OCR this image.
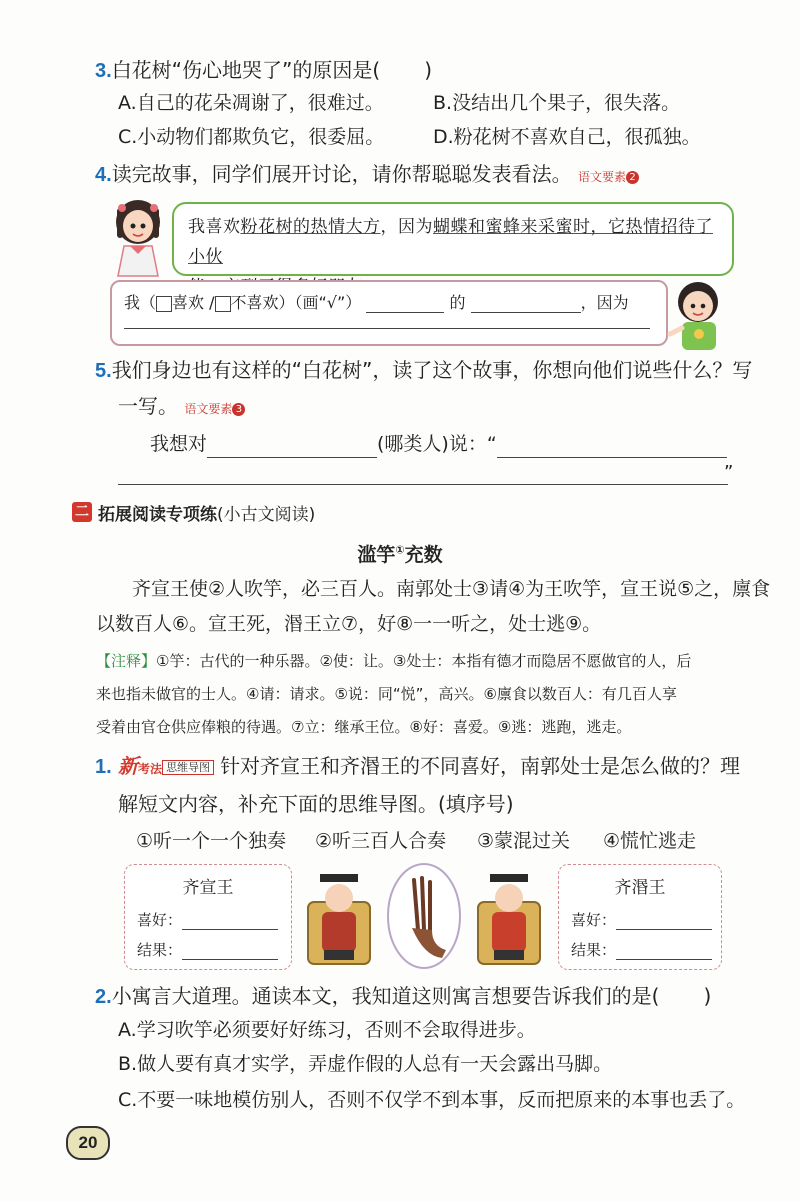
3.白花树“伤心地哭了”的原因是( )
A.自己的花朵凋谢了，很难过。	B.没结出几个果子，很失落。
C.小动物们都欺负它，很委屈。	D.粉花树不喜欢自己，很孤独。
4.读完故事，同学们展开讨论，请你帮聪聪发表看法。 语文要素 2

我喜欢粉花树的热情大方，因为蝴蝶和蜜蜂来采蜜时，它热情招待了小伙

我（ 喜欢 / 不喜欢）（画“√”）	的	，因为
5.我们身边也有这样的“白花树”，读了这个故事，你想向他们说些什么？写
一写。 语文要素 3
我想对	(哪类人)说：“
”
二 拓展阅读专项练(小古文阅读)
滥竽①充数
齐宣王使②人吹竽，必三百人。南郭处士③请④为王吹竽，宣王说⑤之，廪食
以数百人⑥。宣王死，湣王立⑦，好⑧一一听之，处士逃⑨。
【注释】①竽：古代的一种乐器。②使：让。③处士：本指有德才而隐居不愿做官的人，后
来也指未做官的士人。④请：请求。⑤说：同“悦”，高兴。⑥廪食以数百人：有几百人享
受着由官仓供应俸粮的待遇。⑦立：继承王位。⑧好：喜爱。⑨逃：逃跑，逃走。
1. 新考法 思维导图 针对齐宣王和齐湣王的不同喜好，南郭处士是怎么做的？理
解短文内容，补充下面的思维导图。(填序号)
①听一个一个独奏 ②听三百人合奏 ③蒙混过关 ④慌忙逃走
齐宣王
喜好：
结果：
齐湣王
喜好：
结果：
2.小寓言大道理。通读本文，我知道这则寓言想要告诉我们的是( )
A.学习吹竽必须要好好练习，否则不会取得进步。
B.做人要有真才实学，弄虚作假的人总有一天会露出马脚。
C.不要一味地模仿别人，否则不仅学不到本事，反而把原来的本事也丢了。
20
